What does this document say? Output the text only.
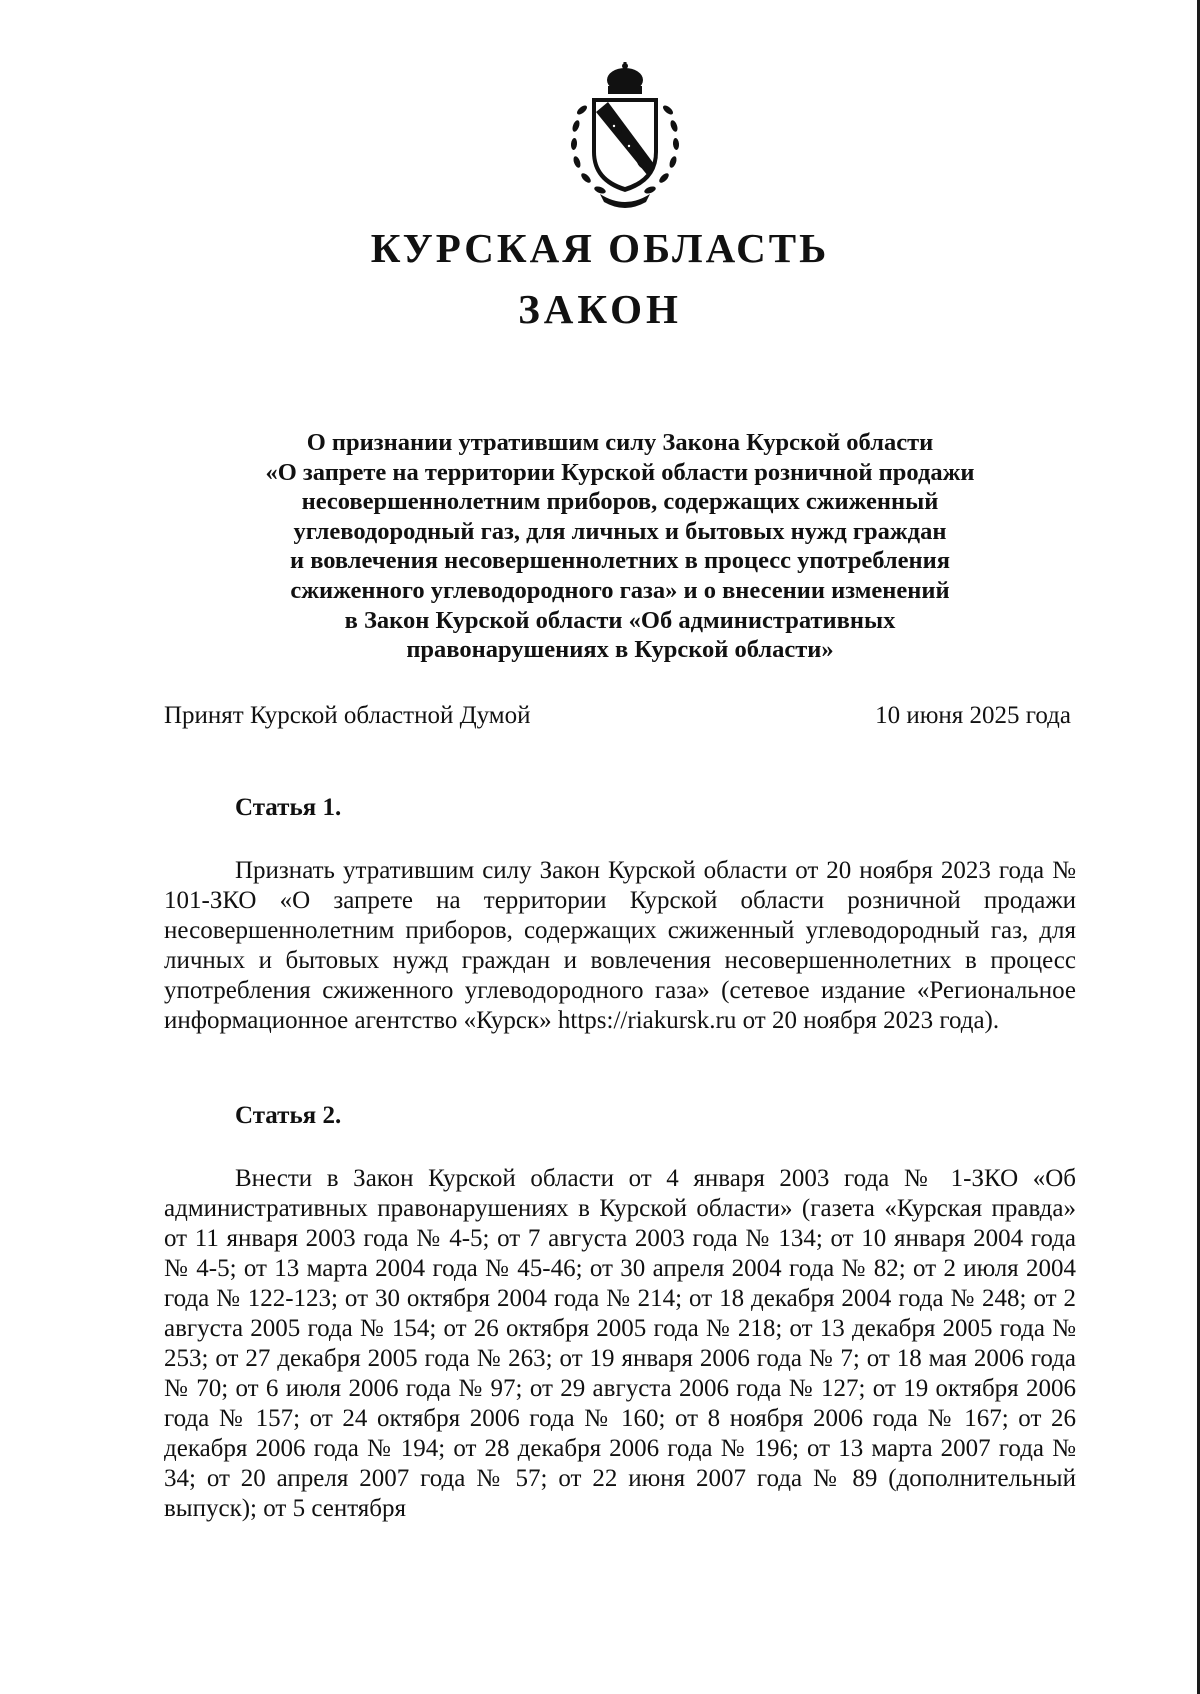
КУРСКАЯ ОБЛАСТЬ
ЗАКОН
О признании утратившим силу Закона Курской области
«О запрете на территории Курской области розничной продажи
несовершеннолетним приборов, содержащих сжиженный
углеводородный газ, для личных и бытовых нужд граждан
и вовлечения несовершеннолетних в процесс употребления
сжиженного углеводородного газа» и о внесении изменений
в Закон Курской области «Об административных
правонарушениях в Курской области»
Принят Курской областной Думой	10 июня 2025 года
Статья 1.
Признать утратившим силу Закон Курской области от 20 ноября 2023 года № 101-ЗКО «О запрете на территории Курской области розничной продажи несовершеннолетним приборов, содержащих сжиженный углеводородный газ, для личных и бытовых нужд граждан и вовлечения несовершеннолетних в процесс употребления сжиженного углеводородного газа» (сетевое издание «Региональное информационное агентство «Курск» https://riakursk.ru от 20 ноября 2023 года).
Статья 2.
Внести в Закон Курской области от 4 января 2003 года № 1-ЗКО «Об административных правонарушениях в Курской области» (газета «Курская правда» от 11 января 2003 года № 4-5; от 7 августа 2003 года № 134; от 10 января 2004 года № 4-5; от 13 марта 2004 года № 45-46; от 30 апреля 2004 года № 82; от 2 июля 2004 года № 122-123; от 30 октября 2004 года № 214; от 18 декабря 2004 года № 248; от 2 августа 2005 года № 154; от 26 октября 2005 года № 218; от 13 декабря 2005 года № 253; от 27 декабря 2005 года № 263; от 19 января 2006 года № 7; от 18 мая 2006 года № 70; от 6 июля 2006 года № 97; от 29 августа 2006 года № 127; от 19 октября 2006 года № 157; от 24 октября 2006 года № 160; от 8 ноября 2006 года № 167; от 26 декабря 2006 года № 194; от 28 декабря 2006 года № 196; от 13 марта 2007 года № 34; от 20 апреля 2007 года № 57; от 22 июня 2007 года № 89 (дополнительный выпуск); от 5 сентября
